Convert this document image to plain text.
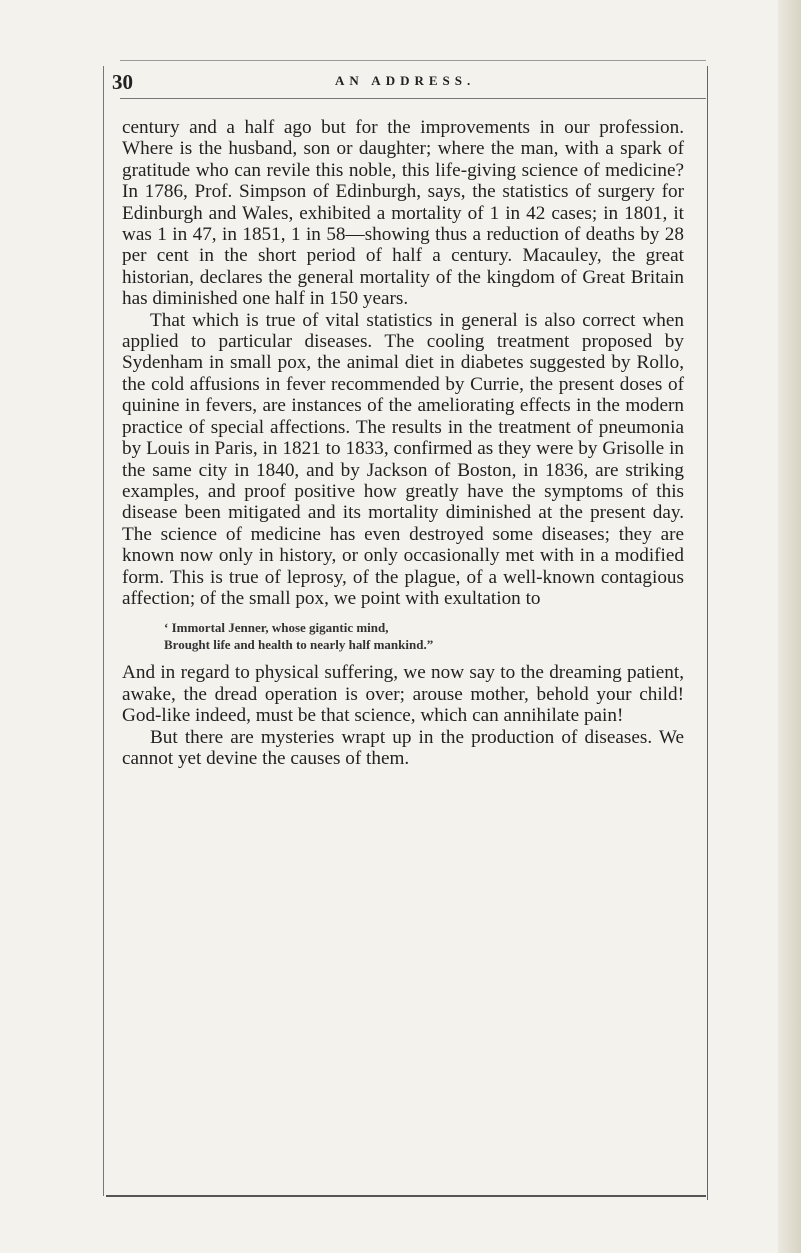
30	AN ADDRESS.

century and a half ago but for the improvements in our profession. Where is the husband, son or daughter; where the man, with a spark of gratitude who can revile this noble, this life-giving science of medicine? In 1786, Prof. Simpson of Edinburgh, says, the statistics of surgery for Edinburgh and Wales, exhibited a mortality of 1 in 42 cases; in 1801, it was 1 in 47, in 1851, 1 in 58—showing thus a reduction of deaths by 28 per cent in the short period of half a century. Macauley, the great historian, declares the general mortality of the kingdom of Great Britain has diminished one half in 150 years.

That which is true of vital statistics in general is also correct when applied to particular diseases. The cooling treatment proposed by Sydenham in small pox, the animal diet in diabetes suggested by Rollo, the cold affusions in fever recommended by Currie, the present doses of quinine in fevers, are instances of the ameliorating effects in the modern practice of special affections. The results in the treatment of pneumonia by Louis in Paris, in 1821 to 1833, confirmed as they were by Grisolle in the same city in 1840, and by Jackson of Boston, in 1836, are striking examples, and proof positive how greatly have the symptoms of this disease been mitigated and its mortality diminished at the present day. The science of medicine has even destroyed some diseases; they are known now only in history, or only occasionally met with in a modified form. This is true of leprosy, of the plague, of a well-known contagious affection; of the small pox, we point with exultation to

‘ Immortal Jenner, whose gigantic mind,
Brought life and health to nearly half mankind.”

And in regard to physical suffering, we now say to the dreaming patient, awake, the dread operation is over; arouse mother, behold your child! God-like indeed, must be that science, which can annihilate pain!

But there are mysteries wrapt up in the production of diseases. We cannot yet devine the causes of them.
